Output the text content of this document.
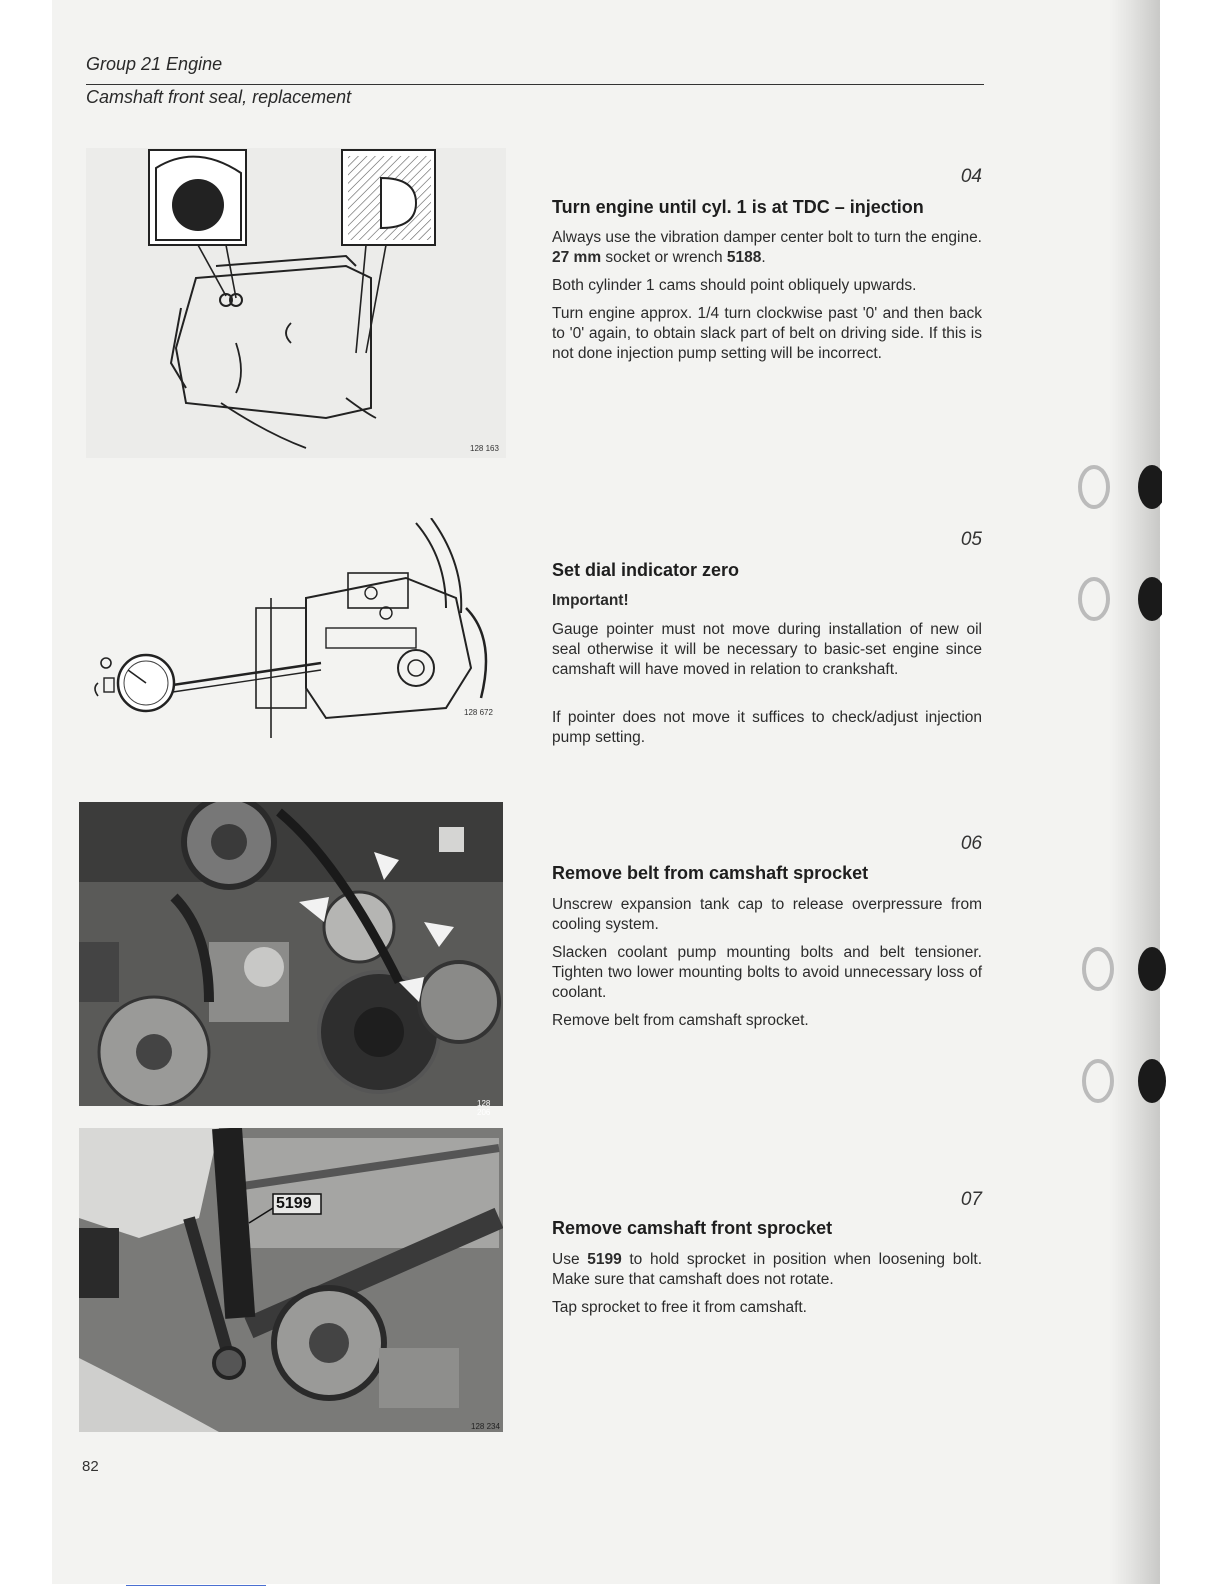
Group 21 Engine
Camshaft front seal, replacement
128 163
04
Turn engine until cyl. 1 is at TDC – injection
Always use the vibration damper center bolt to turn the engine. 27 mm socket or wrench 5188.
Both cylinder 1 cams should point obliquely upwards.
Turn engine approx. 1/4 turn clockwise past '0' and then back to '0' again, to obtain slack part of belt on driving side. If this is not done injection pump setting will be incorrect.
128 672
05
Set dial indicator zero
Important!
Gauge pointer must not move during installation of new oil seal otherwise it will be necessary to basic-set engine since camshaft will have moved in relation to crankshaft.
If pointer does not move it suffices to check/adjust injection pump setting.
128 206
06
Remove belt from camshaft sprocket
Unscrew expansion tank cap to release overpressure from cooling system.
Slacken coolant pump mounting bolts and belt tensioner. Tighten two lower mounting bolts to avoid unnecessary loss of coolant.
Remove belt from camshaft sprocket.
5199
128 234
07
Remove camshaft front sprocket
Use 5199 to hold sprocket in position when loosening bolt. Make sure that camshaft does not rotate.
Tap sprocket to free it from camshaft.
82
